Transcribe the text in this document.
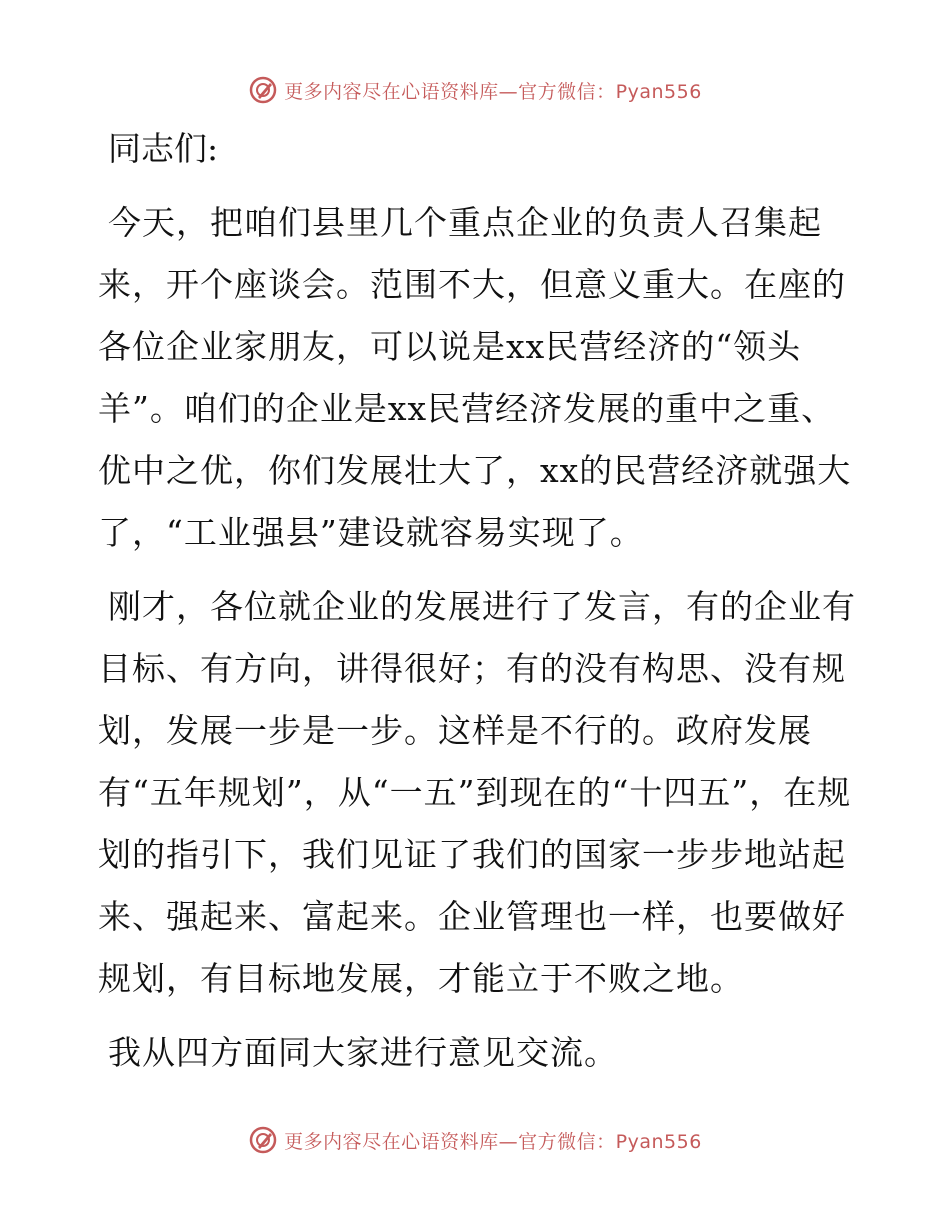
更多内容尽在心语资料库—官方微信：Pyan556

同志们:

今天，把咱们县里几个重点企业的负责人召集起来，开个座谈会。范围不大，但意义重大。在座的各位企业家朋友，可以说是xx民营经济的“领头羊”。咱们的企业是xx民营经济发展的重中之重、优中之优，你们发展壮大了，xx的民营经济就强大了，“工业强县”建设就容易实现了。

刚才，各位就企业的发展进行了发言，有的企业有目标、有方向，讲得很好；有的没有构思、没有规划，发展一步是一步。这样是不行的。政府发展有“五年规划”，从“一五”到现在的“十四五”，在规划的指引下，我们见证了我们的国家一步步地站起来、强起来、富起来。企业管理也一样，也要做好规划，有目标地发展，才能立于不败之地。

我从四方面同大家进行意见交流。

更多内容尽在心语资料库—官方微信：Pyan556
